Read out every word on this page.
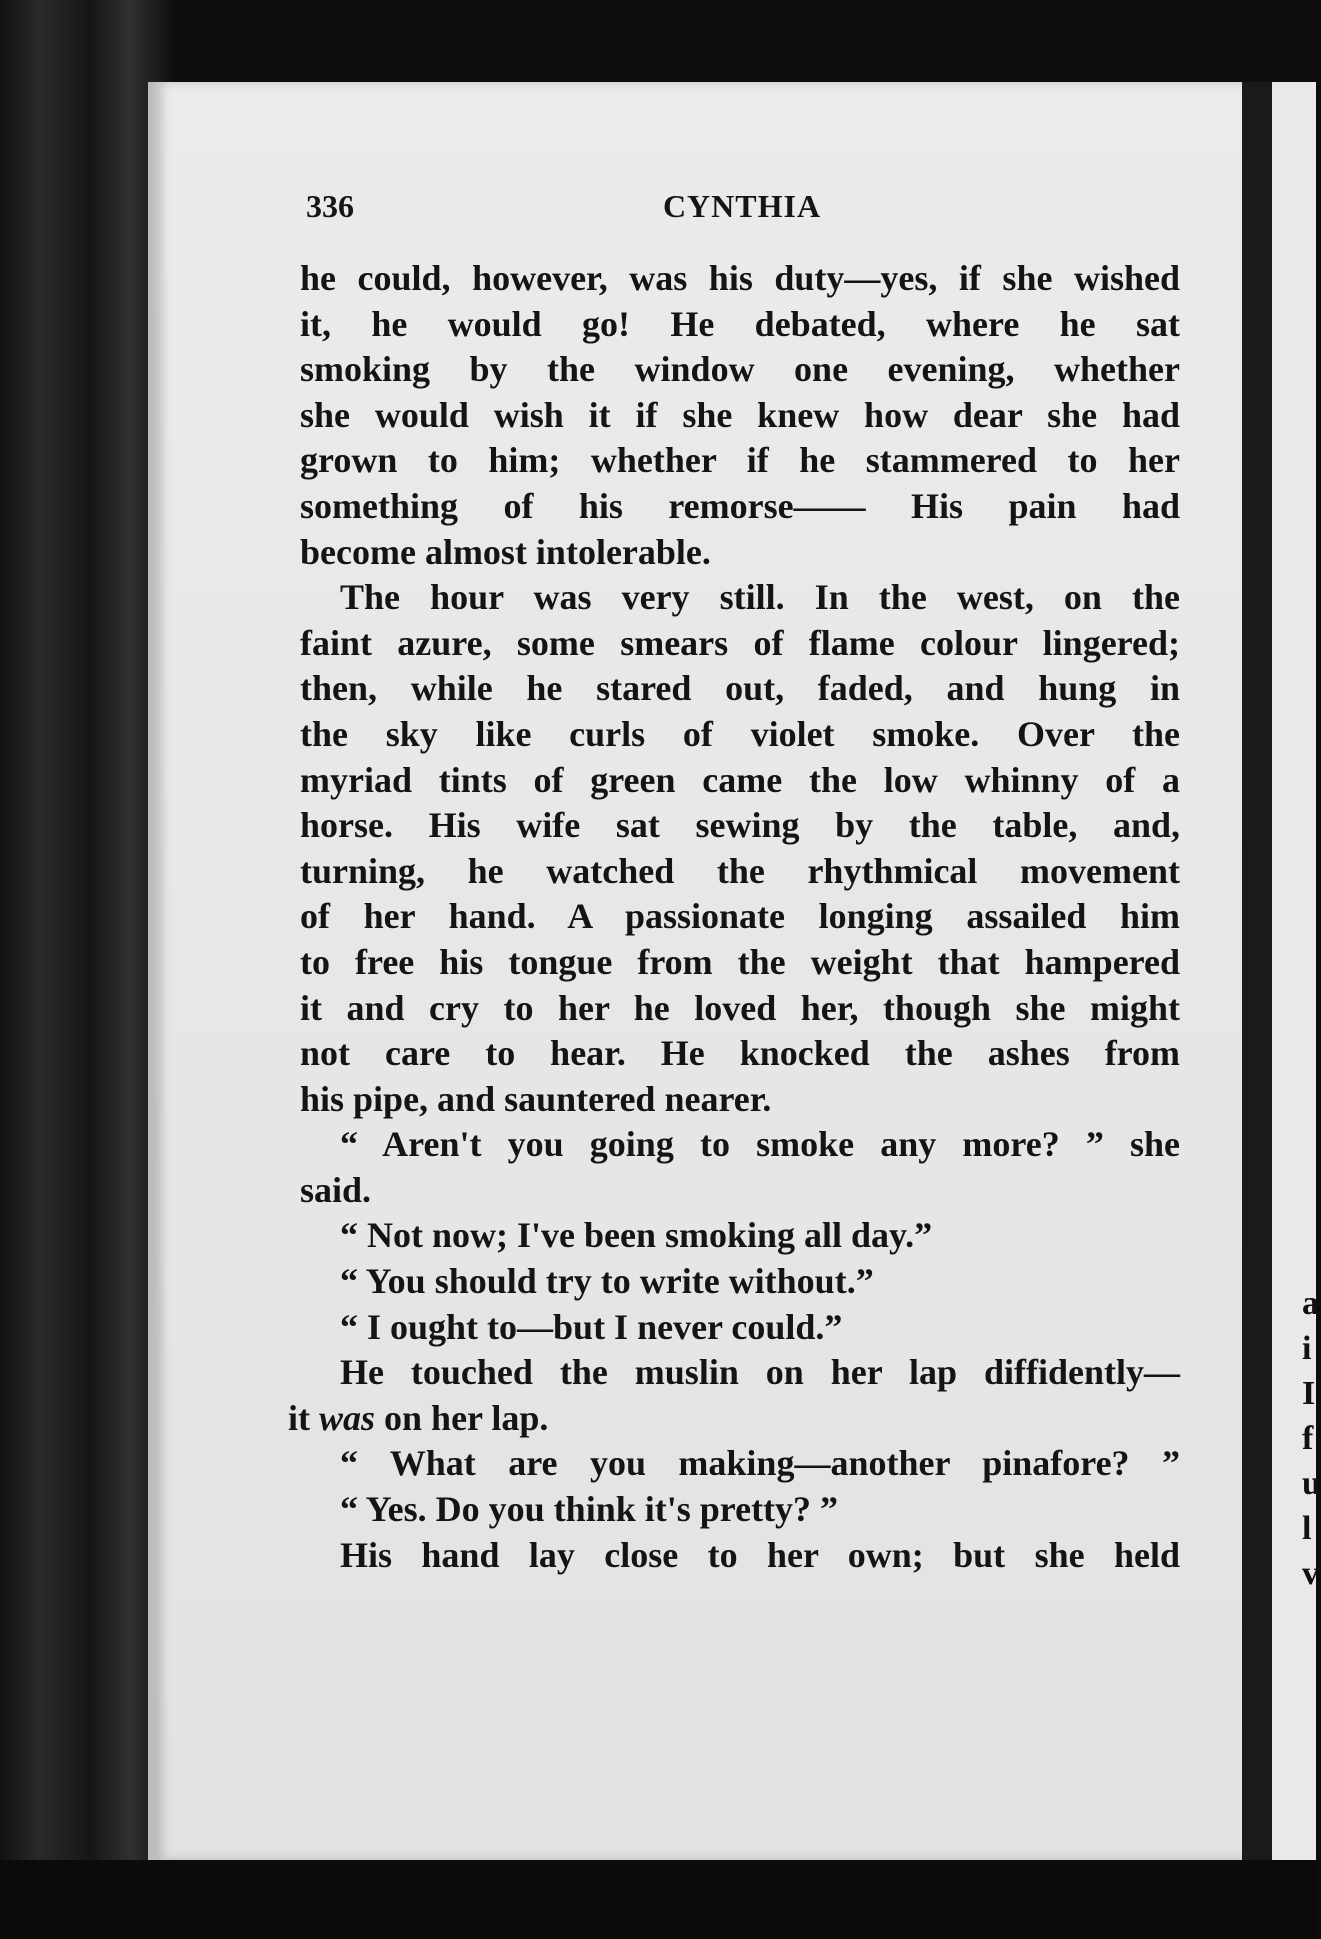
a
i
I
f
u
l
v
336	CYNTHIA
he could, however, was his duty—yes, if she wished
it, he would go! He debated, where he sat
smoking by the window one evening, whether
she would wish it if she knew how dear she had
grown to him; whether if he stammered to her
something of his remorse—— His pain had
become almost intolerable.
The hour was very still. In the west, on the
faint azure, some smears of flame colour lingered;
then, while he stared out, faded, and hung in
the sky like curls of violet smoke. Over the
myriad tints of green came the low whinny of a
horse. His wife sat sewing by the table, and,
turning, he watched the rhythmical movement
of her hand. A passionate longing assailed him
to free his tongue from the weight that hampered
it and cry to her he loved her, though she might
not care to hear. He knocked the ashes from
his pipe, and sauntered nearer.
“ Aren't you going to smoke any more? ” she
said.
“ Not now; I've been smoking all day.”
“ You should try to write without.”
“ I ought to—but I never could.”
He touched the muslin on her lap diffidently—
it was on her lap.
“ What are you making—another pinafore? ”
“ Yes. Do you think it's pretty? ”
His hand lay close to her own; but she held
